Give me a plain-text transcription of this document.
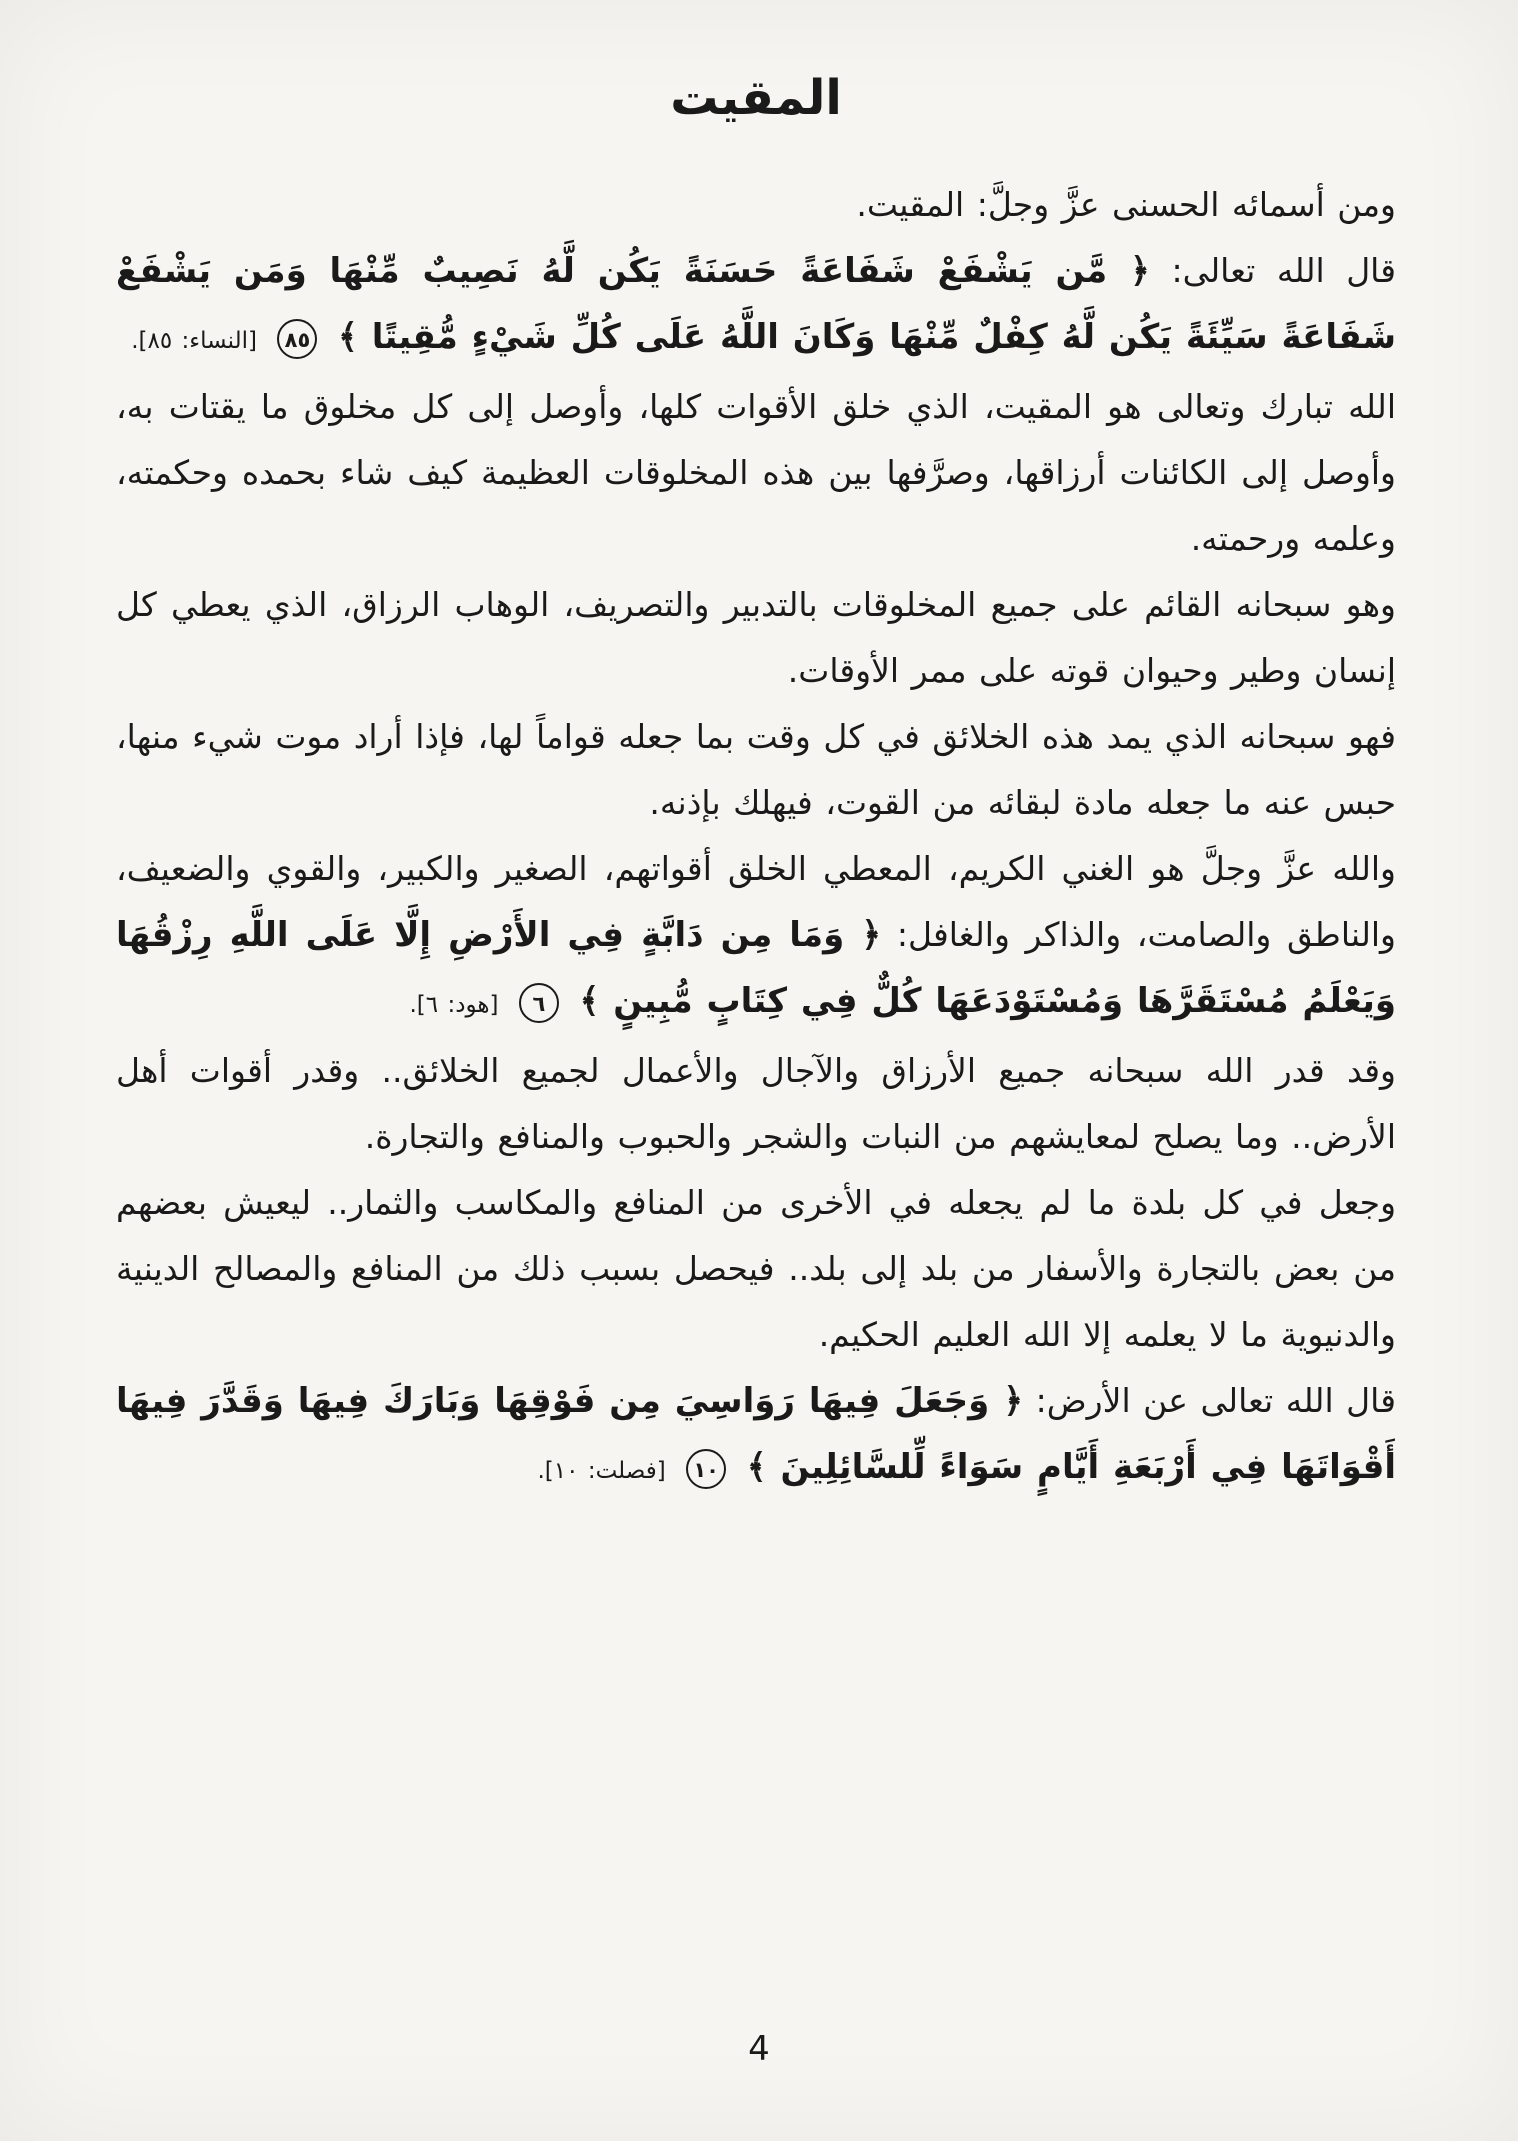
المقيت

ومن أسمائه الحسنى عزَّ وجلَّ: المقيت.

قال الله تعالى: ﴿ مَّن يَشْفَعْ شَفَاعَةً حَسَنَةً يَكُن لَّهُ نَصِيبٌ مِّنْهَا وَمَن يَشْفَعْ شَفَاعَةً سَيِّئَةً يَكُن لَّهُ كِفْلٌ مِّنْهَا وَكَانَ اللَّهُ عَلَى كُلِّ شَيْءٍ مُّقِيتًا ﴾ ٨٥ [النساء: ٨٥].

الله تبارك وتعالى هو المقيت، الذي خلق الأقوات كلها، وأوصل إلى كل مخلوق ما يقتات به، وأوصل إلى الكائنات أرزاقها، وصرَّفها بين هذه المخلوقات العظيمة كيف شاء بحمده وحكمته، وعلمه ورحمته.

وهو سبحانه القائم على جميع المخلوقات بالتدبير والتصريف، الوهاب الرزاق، الذي يعطي كل إنسان وطير وحيوان قوته على ممر الأوقات.

فهو سبحانه الذي يمد هذه الخلائق في كل وقت بما جعله قواماً لها، فإذا أراد موت شيء منها، حبس عنه ما جعله مادة لبقائه من القوت، فيهلك بإذنه.

والله عزَّ وجلَّ هو الغني الكريم، المعطي الخلق أقواتهم، الصغير والكبير، والقوي والضعيف، والناطق والصامت، والذاكر والغافل: ﴿ وَمَا مِن دَابَّةٍ فِي الأَرْضِ إِلَّا عَلَى اللَّهِ رِزْقُهَا وَيَعْلَمُ مُسْتَقَرَّهَا وَمُسْتَوْدَعَهَا كُلٌّ فِي كِتَابٍ مُّبِينٍ ﴾ ٦ [هود: ٦].

وقد قدر الله سبحانه جميع الأرزاق والآجال والأعمال لجميع الخلائق.. وقدر أقوات أهل الأرض.. وما يصلح لمعايشهم من النبات والشجر والحبوب والمنافع والتجارة.

وجعل في كل بلدة ما لم يجعله في الأخرى من المنافع والمكاسب والثمار.. ليعيش بعضهم من بعض بالتجارة والأسفار من بلد إلى بلد.. فيحصل بسبب ذلك من المنافع والمصالح الدينية والدنيوية ما لا يعلمه إلا الله العليم الحكيم.

قال الله تعالى عن الأرض: ﴿ وَجَعَلَ فِيهَا رَوَاسِيَ مِن فَوْقِهَا وَبَارَكَ فِيهَا وَقَدَّرَ فِيهَا أَقْوَاتَهَا فِي أَرْبَعَةِ أَيَّامٍ سَوَاءً لِّلسَّائِلِينَ ﴾ ١٠ [فصلت: ١٠].

4
